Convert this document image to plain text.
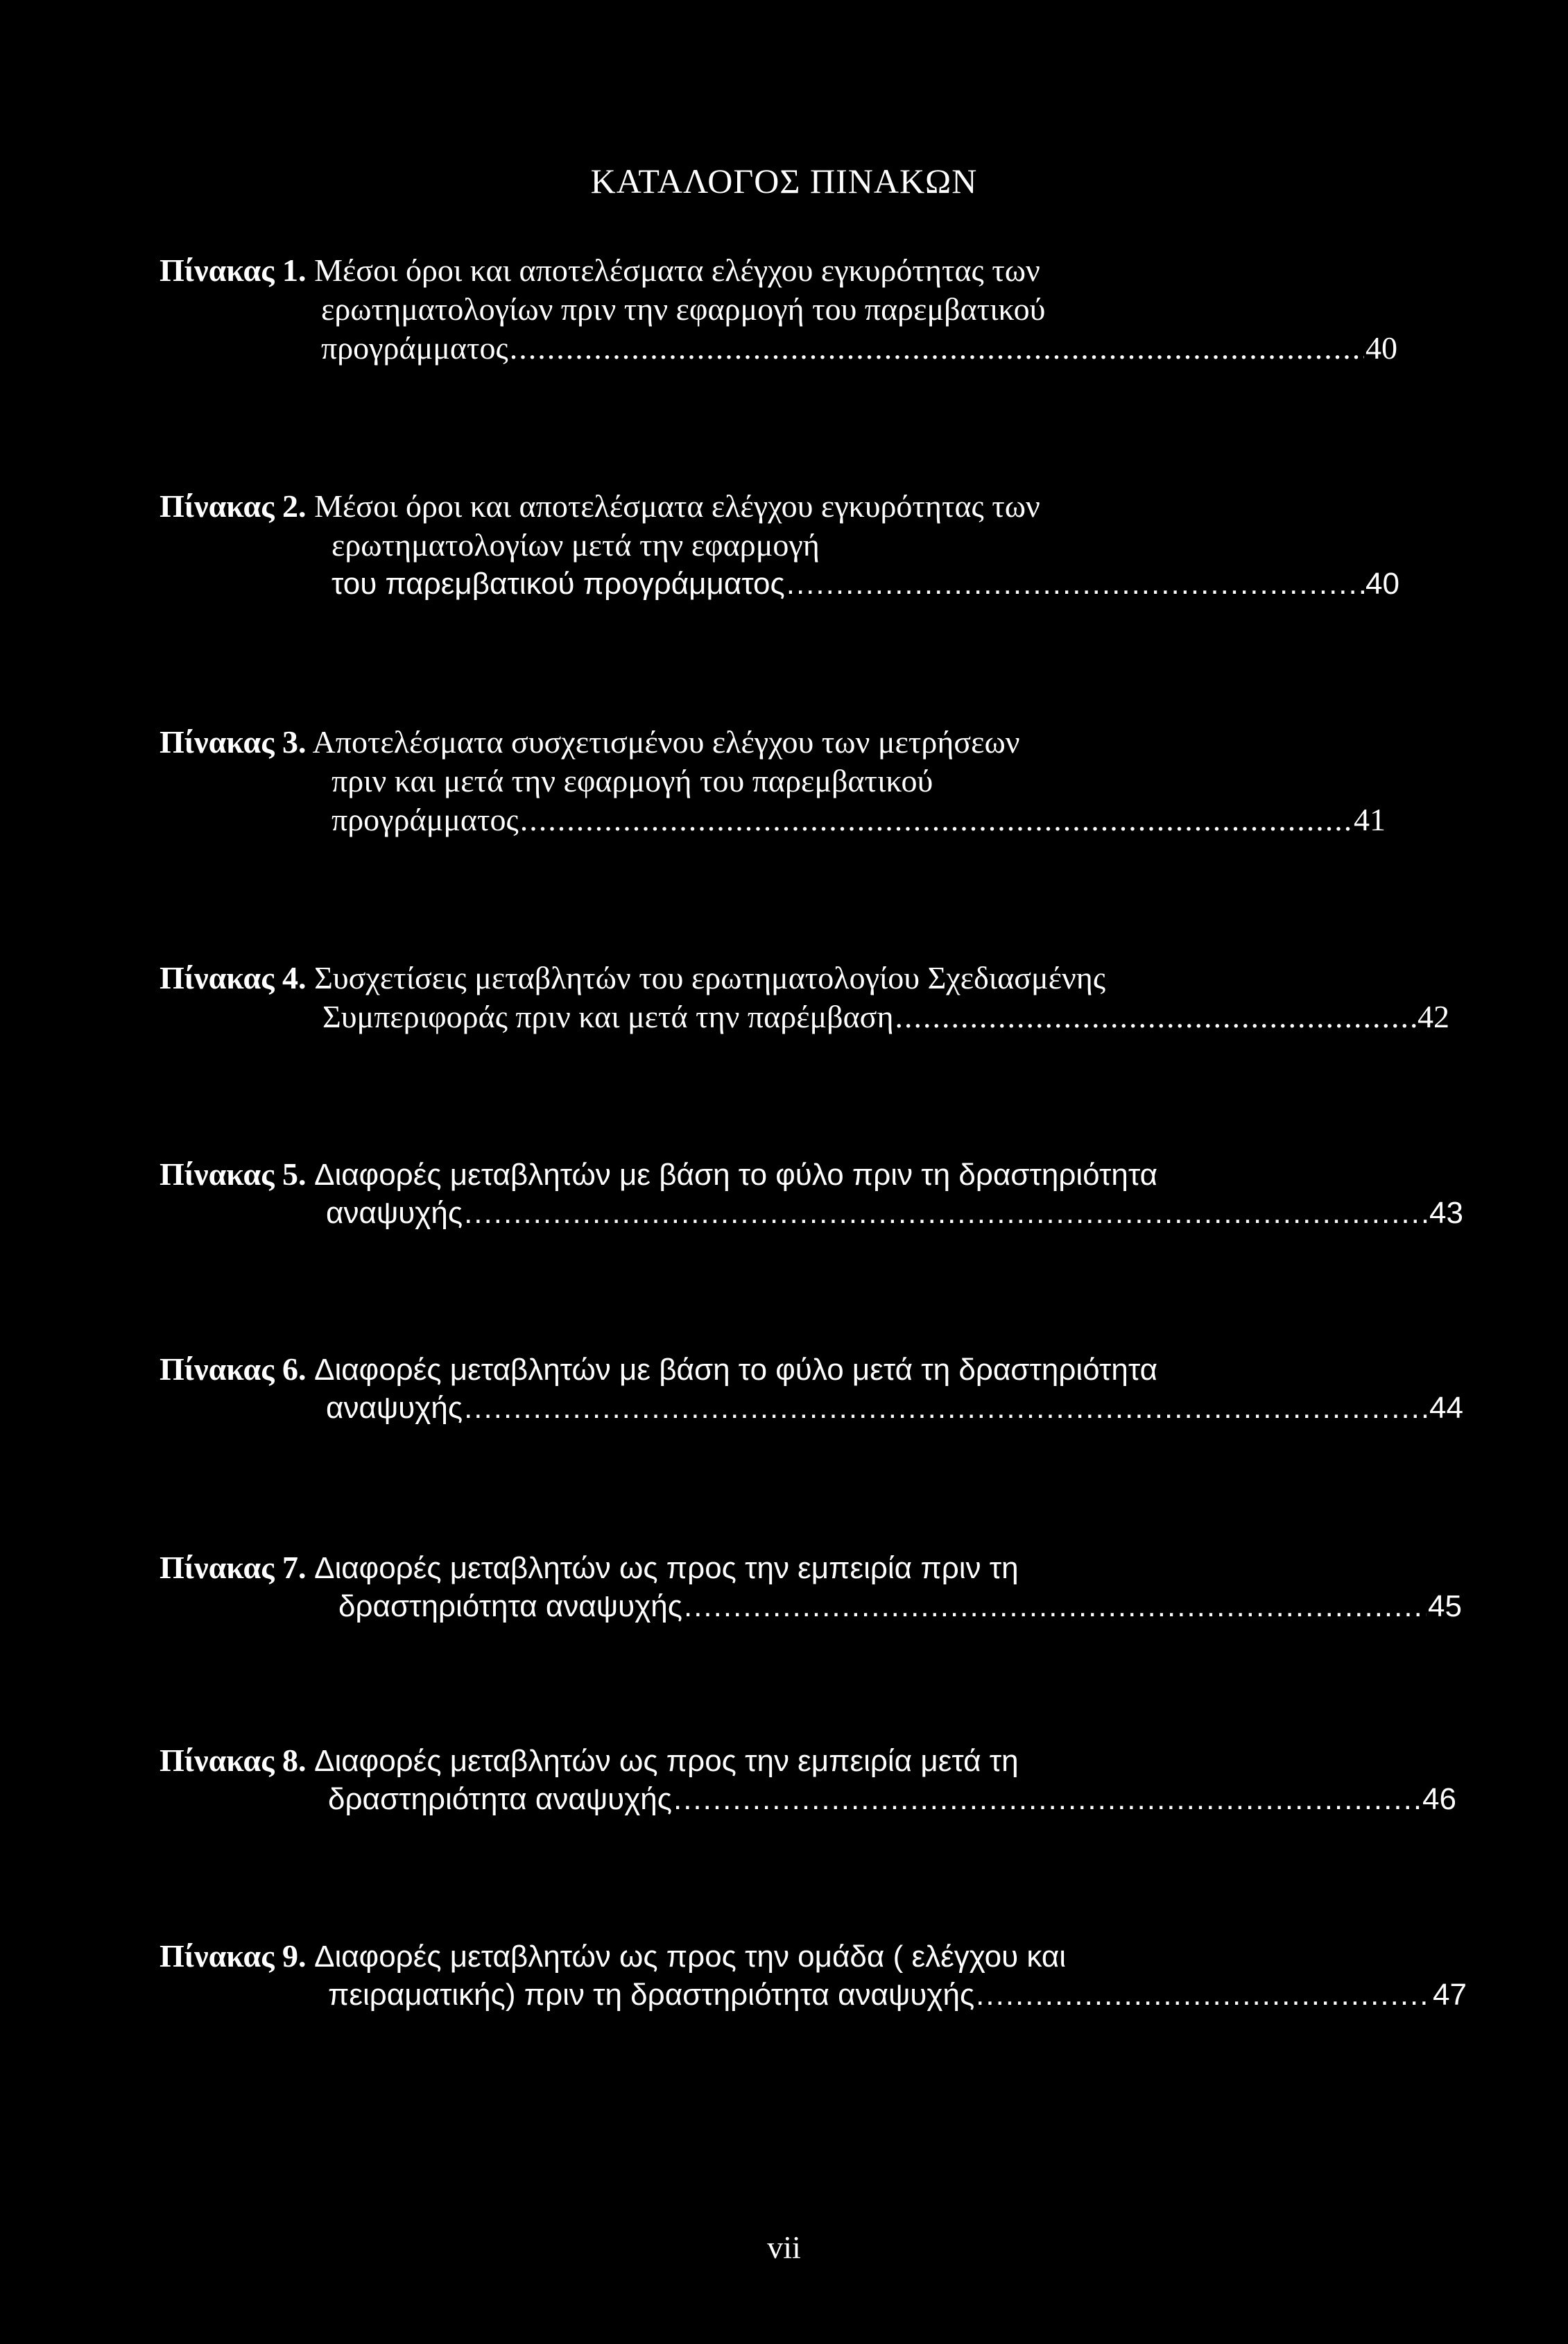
ΚΑΤΑΛΟΓΟΣ ΠΙΝΑΚΩΝ
Πίνακας 1. Μέσοι όροι και αποτελέσματα ελέγχου εγκυρότητας των
ερωτηματολογίων πριν την εφαρμογή του παρεμβατικού
προγράμματος .....	40
Πίνακας 2. Μέσοι όροι και αποτελέσματα ελέγχου εγκυρότητας των
ερωτηματολογίων μετά την εφαρμογή
του παρεμβατικού προγράμματος .....	40
Πίνακας 3. Αποτελέσματα συσχετισμένου ελέγχου των μετρήσεων
πριν και μετά την εφαρμογή του παρεμβατικού
προγράμματος .....	41
Πίνακας 4. Συσχετίσεις μεταβλητών του ερωτηματολογίου Σχεδιασμένης
Συμπεριφοράς πριν και μετά την παρέμβαση .....	42
Πίνακας 5. Διαφορές μεταβλητών με βάση το φύλο πριν τη δραστηριότητα
αναψυχής .....	43
Πίνακας 6. Διαφορές μεταβλητών με βάση το φύλο μετά τη δραστηριότητα
αναψυχής .....	44
Πίνακας 7. Διαφορές μεταβλητών ως προς την εμπειρία πριν τη
δραστηριότητα αναψυχής .....	45
Πίνακας 8. Διαφορές μεταβλητών ως προς την εμπειρία μετά τη
δραστηριότητα αναψυχής .....	46
Πίνακας 9. Διαφορές μεταβλητών ως προς την ομάδα ( ελέγχου και
πειραματικής) πριν τη δραστηριότητα αναψυχής .....	47
vii
